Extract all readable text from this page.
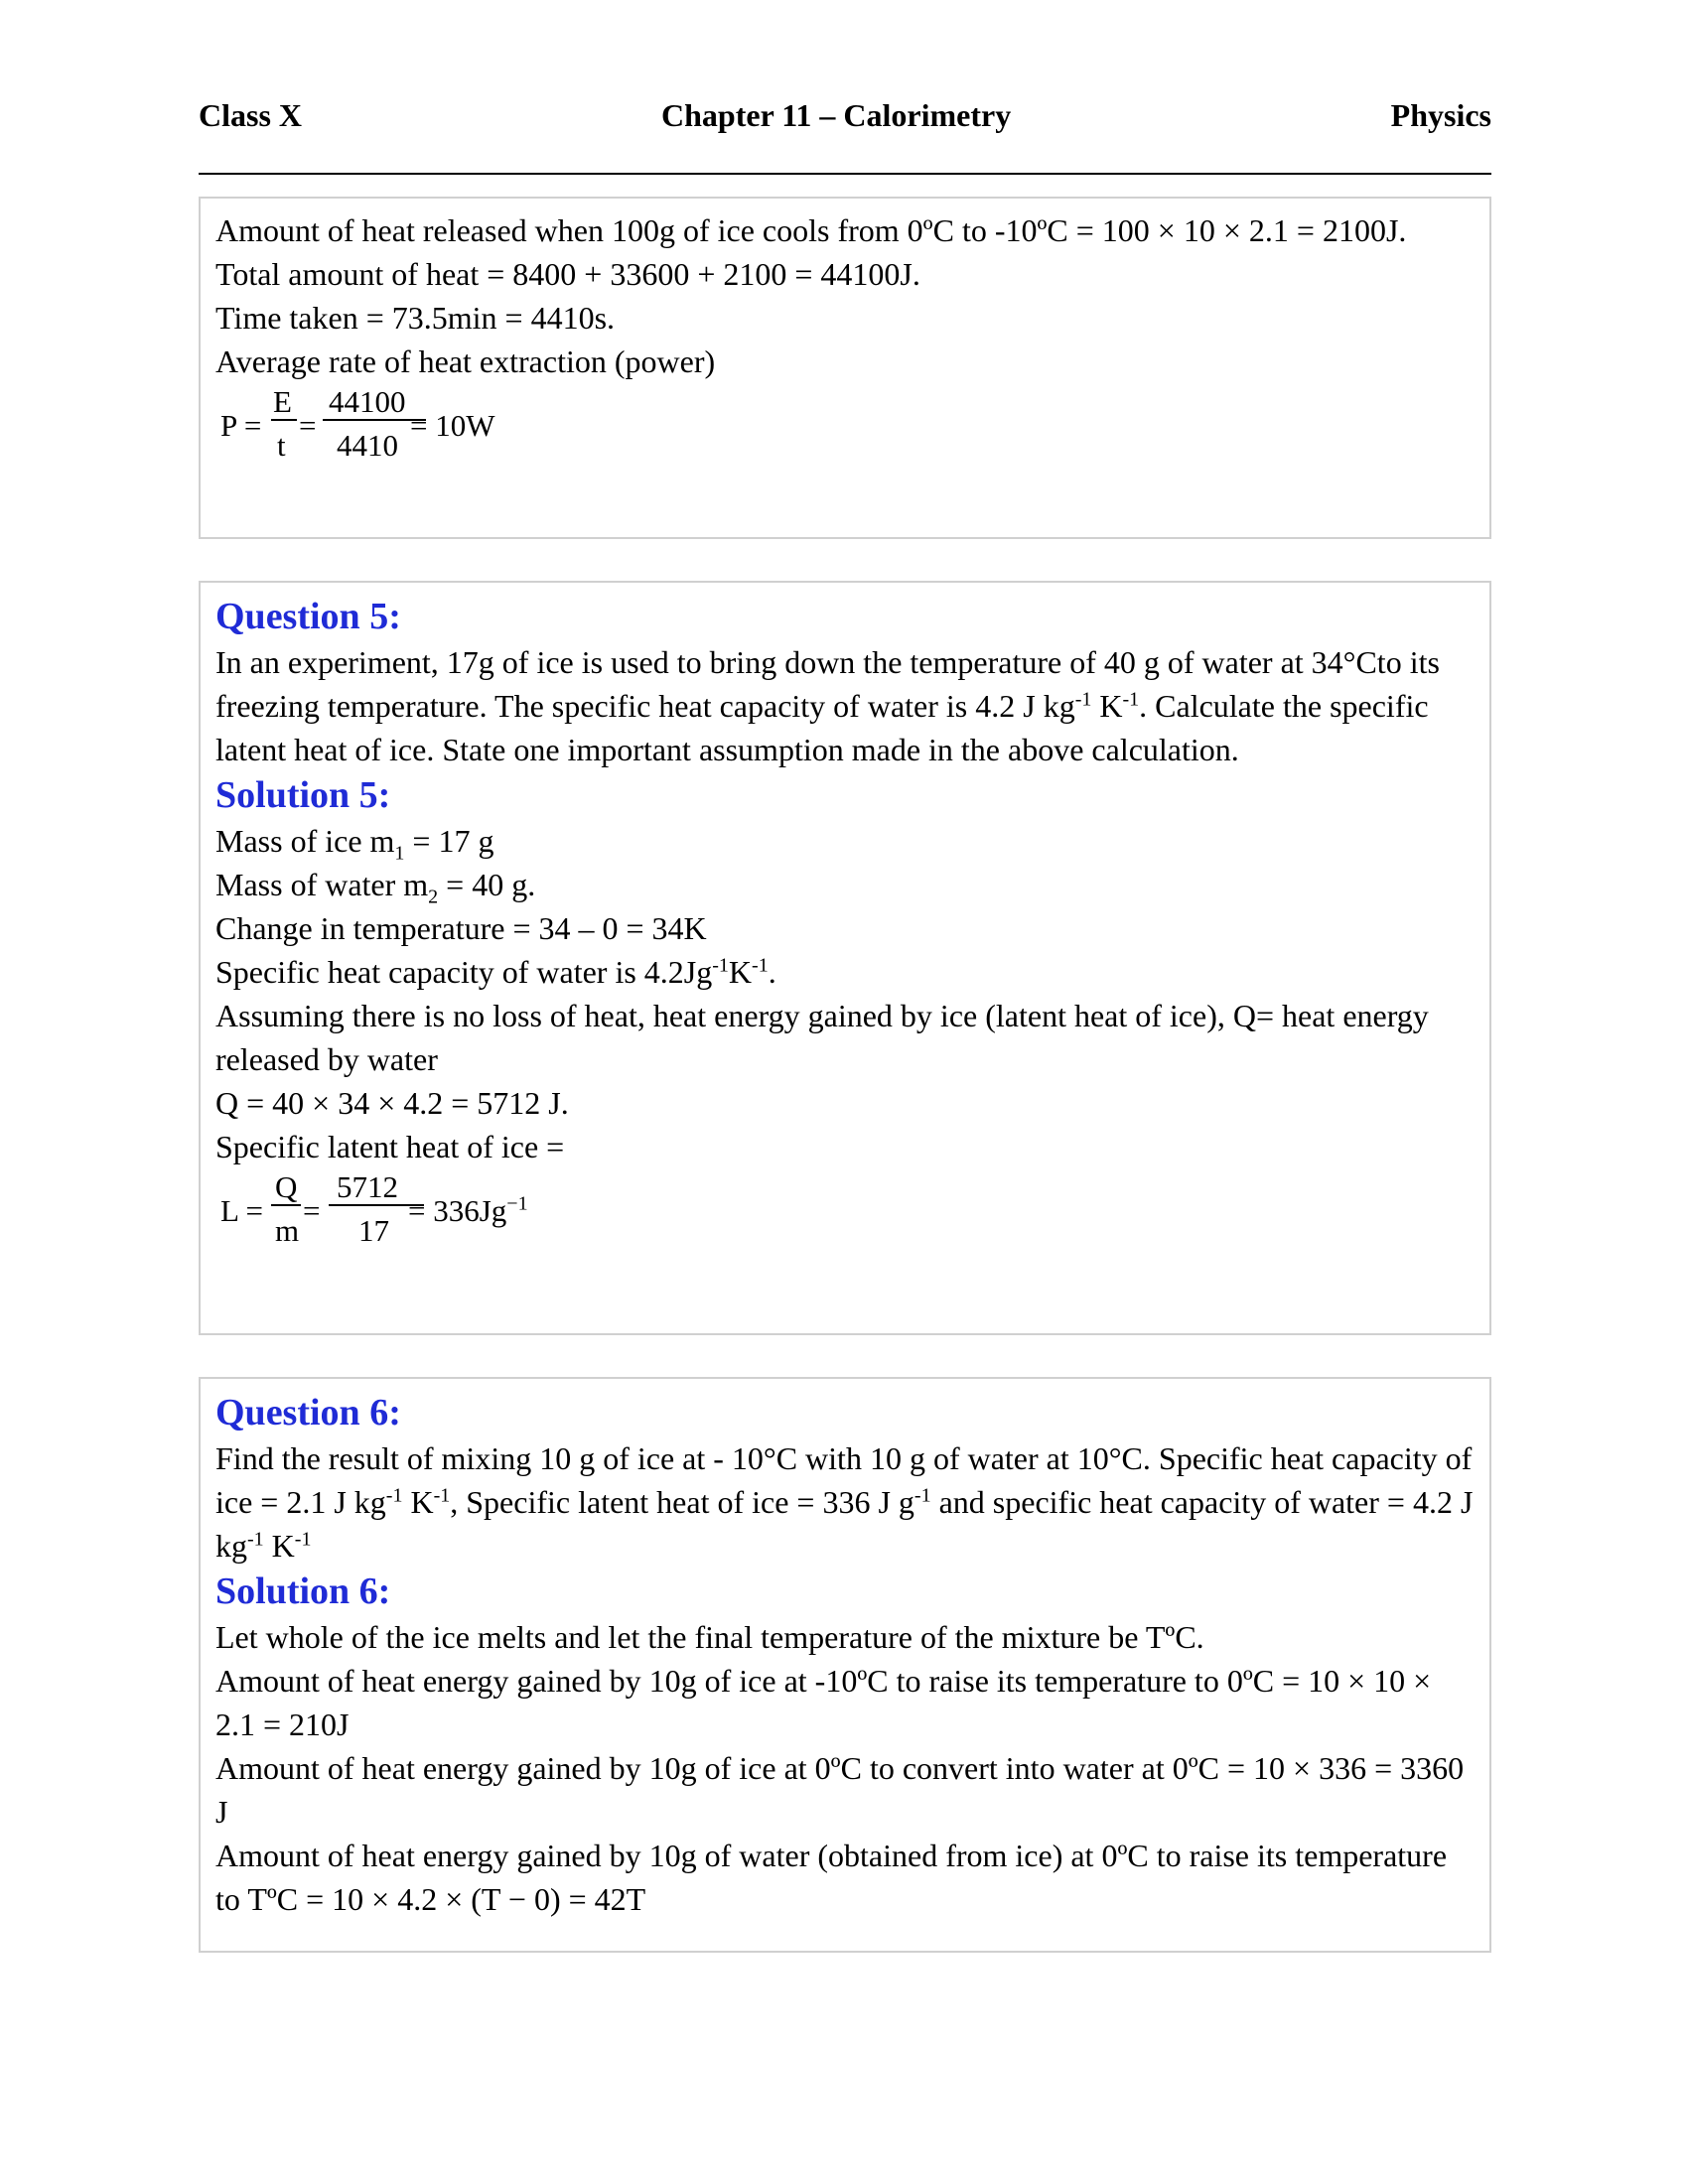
Class X	Chapter 11 – Calorimetry	Physics
Amount of heat released when 100g of ice cools from 0ºC to -10ºC = 100 × 10 × 2.1 = 2100J.
Total amount of heat = 8400 + 33600 + 2100 = 44100J.
Time taken = 73.5min = 4410s.
Average rate of heat extraction (power)
P =
E
t
=
44100
4410
= 10W
Question 5:
In an experiment, 17g of ice is used to bring down the temperature of 40 g of water at 34°Cto its freezing temperature. The specific heat capacity of water is 4.2 J $kg^{-1}$ $K^{-1}$. Calculate the specific latent heat of ice. State one important assumption made in the above calculation.
Solution 5:
Mass of ice $m_1 = 17$ g
Mass of water $m_2 = 40$ g.
Change in temperature = 34 – 0 = 34K
Specific heat capacity of water is $4.2Jg^{-1}K^{-1}$.
Assuming there is no loss of heat, heat energy gained by ice (latent heat of ice), Q= heat energy released by water
Q = 40 × 34 × 4.2 = 5712 J.
Specific latent heat of ice =
L =
Q
m
=
5712
17
= $336Jg^{-1}$
Question 6:
Find the result of mixing 10 g of ice at - 10°C with 10 g of water at 10°C. Specific heat capacity of ice = 2.1 J $kg^{-1}$ $K^{-1}$, Specific latent heat of ice = 336 J $g^{-1}$ and specific heat capacity of water = 4.2 J $kg^{-1}$ $K^{-1}$
Solution 6:
Let whole of the ice melts and let the final temperature of the mixture be TºC.
Amount of heat energy gained by 10g of ice at -10ºC to raise its temperature to 0ºC = 10 × 10 × 2.1 = 210J
Amount of heat energy gained by 10g of ice at 0ºC to convert into water at 0ºC = 10 × 336 = 3360 J
Amount of heat energy gained by 10g of water (obtained from ice) at 0ºC to raise its temperature to TºC = 10 × 4.2 × (T − 0) = 42T
